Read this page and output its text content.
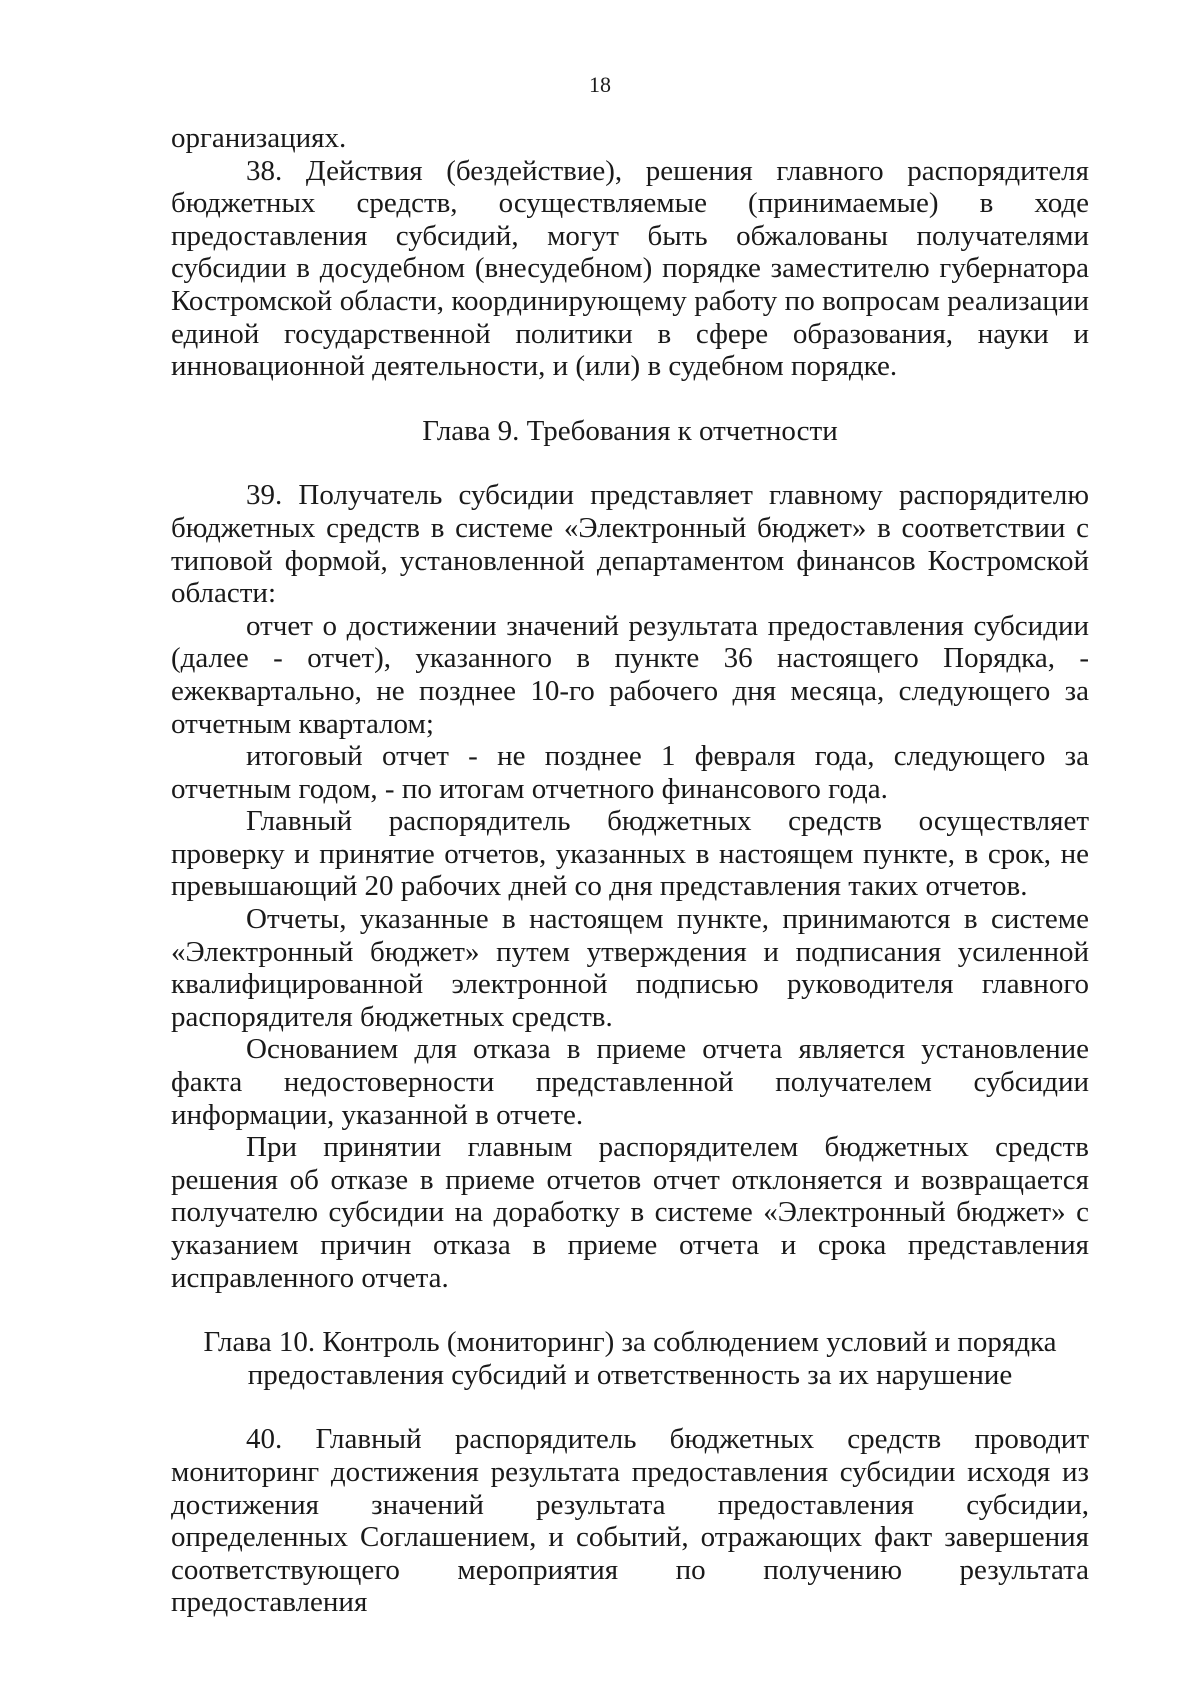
18

организациях.

38. Действия (бездействие), решения главного распорядителя бюджетных средств, осуществляемые (принимаемые) в ходе предоставления субсидий, могут быть обжалованы получателями субсидии в досудебном (внесудебном) порядке заместителю губернатора Костромской области, координирующему работу по вопросам реализации единой государственной политики в сфере образования, науки и инновационной деятельности, и (или) в судебном порядке.

Глава 9. Требования к отчетности

39. Получатель субсидии представляет главному распорядителю бюджетных средств в системе «Электронный бюджет» в соответствии с типовой формой, установленной департаментом финансов Костромской области:

отчет о достижении значений результата предоставления субсидии (далее - отчет), указанного в пункте 36 настоящего Порядка, - ежеквартально, не позднее 10-го рабочего дня месяца, следующего за отчетным кварталом;

итоговый отчет - не позднее 1 февраля года, следующего за отчетным годом, - по итогам отчетного финансового года.

Главный распорядитель бюджетных средств осуществляет проверку и принятие отчетов, указанных в настоящем пункте, в срок, не превышающий 20 рабочих дней со дня представления таких отчетов.

Отчеты, указанные в настоящем пункте, принимаются в системе «Электронный бюджет» путем утверждения и подписания усиленной квалифицированной электронной подписью руководителя главного распорядителя бюджетных средств.

Основанием для отказа в приеме отчета является установление факта недостоверности представленной получателем субсидии информации, указанной в отчете.

При принятии главным распорядителем бюджетных средств решения об отказе в приеме отчетов отчет отклоняется и возвращается получателю субсидии на доработку в системе «Электронный бюджет» с указанием причин отказа в приеме отчета и срока представления исправленного отчета.

Глава 10. Контроль (мониторинг) за соблюдением условий и порядка
предоставления субсидий и ответственность за их нарушение

40. Главный распорядитель бюджетных средств проводит мониторинг достижения результата предоставления субсидии исходя из достижения значений результата предоставления субсидии, определенных Соглашением, и событий, отражающих факт завершения соответствующего мероприятия по получению результата предоставления
